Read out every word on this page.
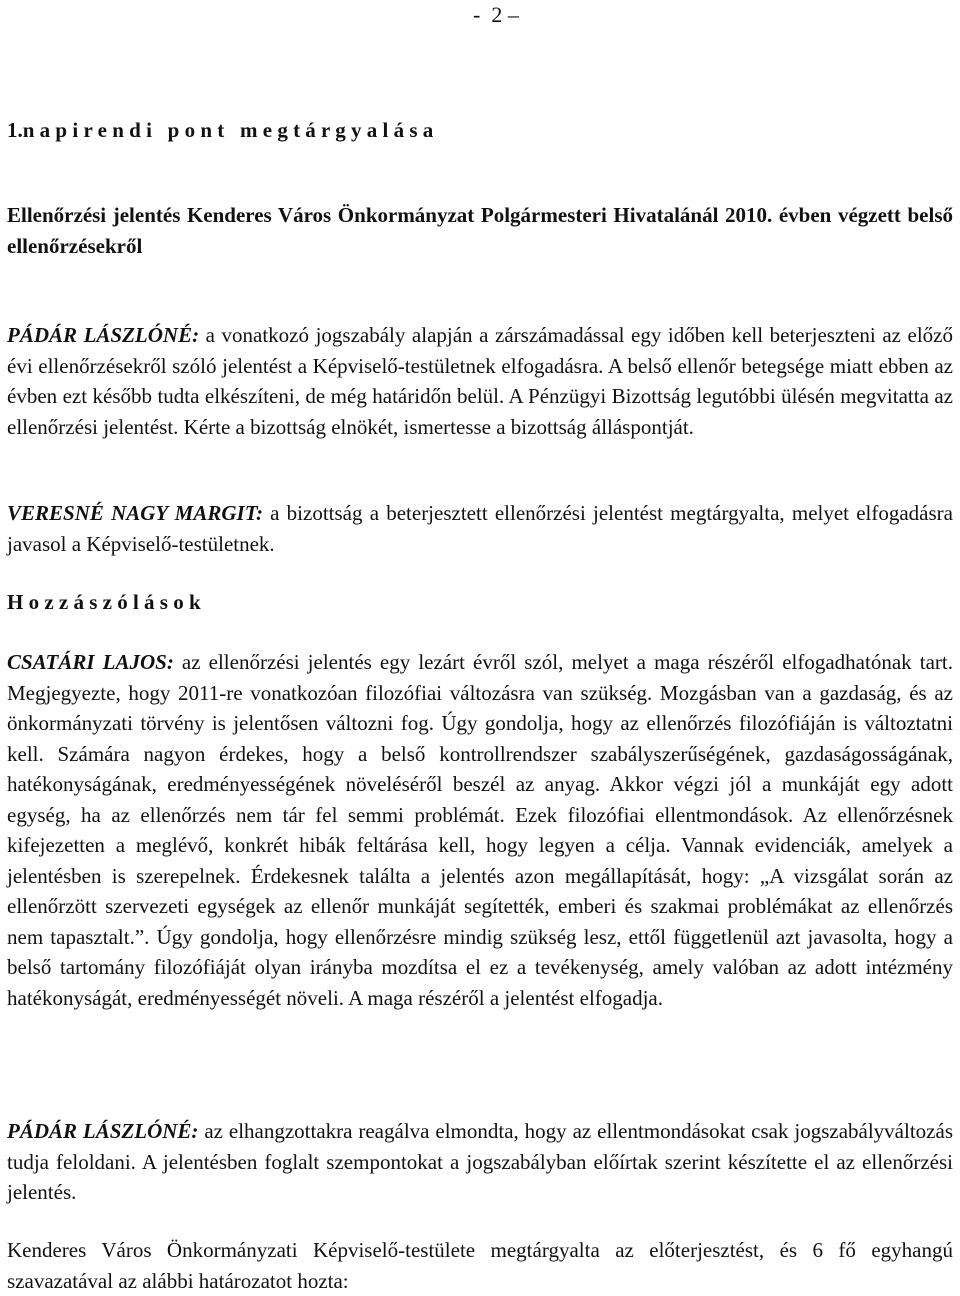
-  2 –
1.n a p i r e n d i   p o n t   m e g t á r g y a l á s a

Ellenőrzési jelentés Kenderes Város Önkormányzat Polgármesteri Hivatalánál 2010. évben végzett belső ellenőrzésekről

PÁDÁR LÁSZLÓNÉ: a vonatkozó jogszabály alapján a zárszámadással egy időben kell beterjeszteni az előző évi ellenőrzésekről szóló jelentést a Képviselő-testületnek elfogadásra. A belső ellenőr betegsége miatt ebben az évben ezt később tudta elkészíteni, de még határidőn belül. A Pénzügyi Bizottság legutóbbi ülésén megvitatta az ellenőrzési jelentést. Kérte a bizottság elnökét, ismertesse a bizottság álláspontját.

VERESNÉ NAGY MARGIT: a bizottság a beterjesztett ellenőrzési jelentést megtárgyalta, melyet elfogadásra javasol a Képviselő-testületnek.

H o z z á s z ó l á s o k

CSATÁRI LAJOS: az ellenőrzési jelentés egy lezárt évről szól, melyet a maga részéről elfogadhatónak tart. Megjegyezte, hogy 2011-re vonatkozóan filozófiai változásra van szükség. Mozgásban van a gazdaság, és az önkormányzati törvény is jelentősen változni fog. Úgy gondolja, hogy az ellenőrzés filozófiáján is változtatni kell. Számára nagyon érdekes, hogy a belső kontrollrendszer szabályszerűségének, gazdaságosságának, hatékonyságának, eredményességének növeléséről beszél az anyag. Akkor végzi jól a munkáját egy adott egység, ha az ellenőrzés nem tár fel semmi problémát. Ezek filozófiai ellentmondások. Az ellenőrzésnek kifejezetten a meglévő, konkrét hibák feltárása kell, hogy legyen a célja. Vannak evidenciák, amelyek a jelentésben is szerepelnek. Érdekesnek találta a jelentés azon megállapítását, hogy: „A vizsgálat során az ellenőrzött szervezeti egységek az ellenőr munkáját segítették, emberi és szakmai problémákat az ellenőrzés nem tapasztalt.”. Úgy gondolja, hogy ellenőrzésre mindig szükség lesz, ettől függetlenül azt javasolta, hogy a belső tartomány filozófiáját olyan irányba mozdítsa el ez a tevékenység, amely valóban az adott intézmény hatékonyságát, eredményességét növeli. A maga részéről a jelentést elfogadja.

PÁDÁR LÁSZLÓNÉ: az elhangzottakra reagálva elmondta, hogy az ellentmondásokat csak jogszabályváltozás tudja feloldani. A jelentésben foglalt szempontokat a jogszabályban előírtak szerint készítette el az ellenőrzési jelentés.

Kenderes Város Önkormányzati Képviselő-testülete megtárgyalta az előterjesztést, és 6 fő egyhangú szavazatával az alábbi határozatot hozta:
